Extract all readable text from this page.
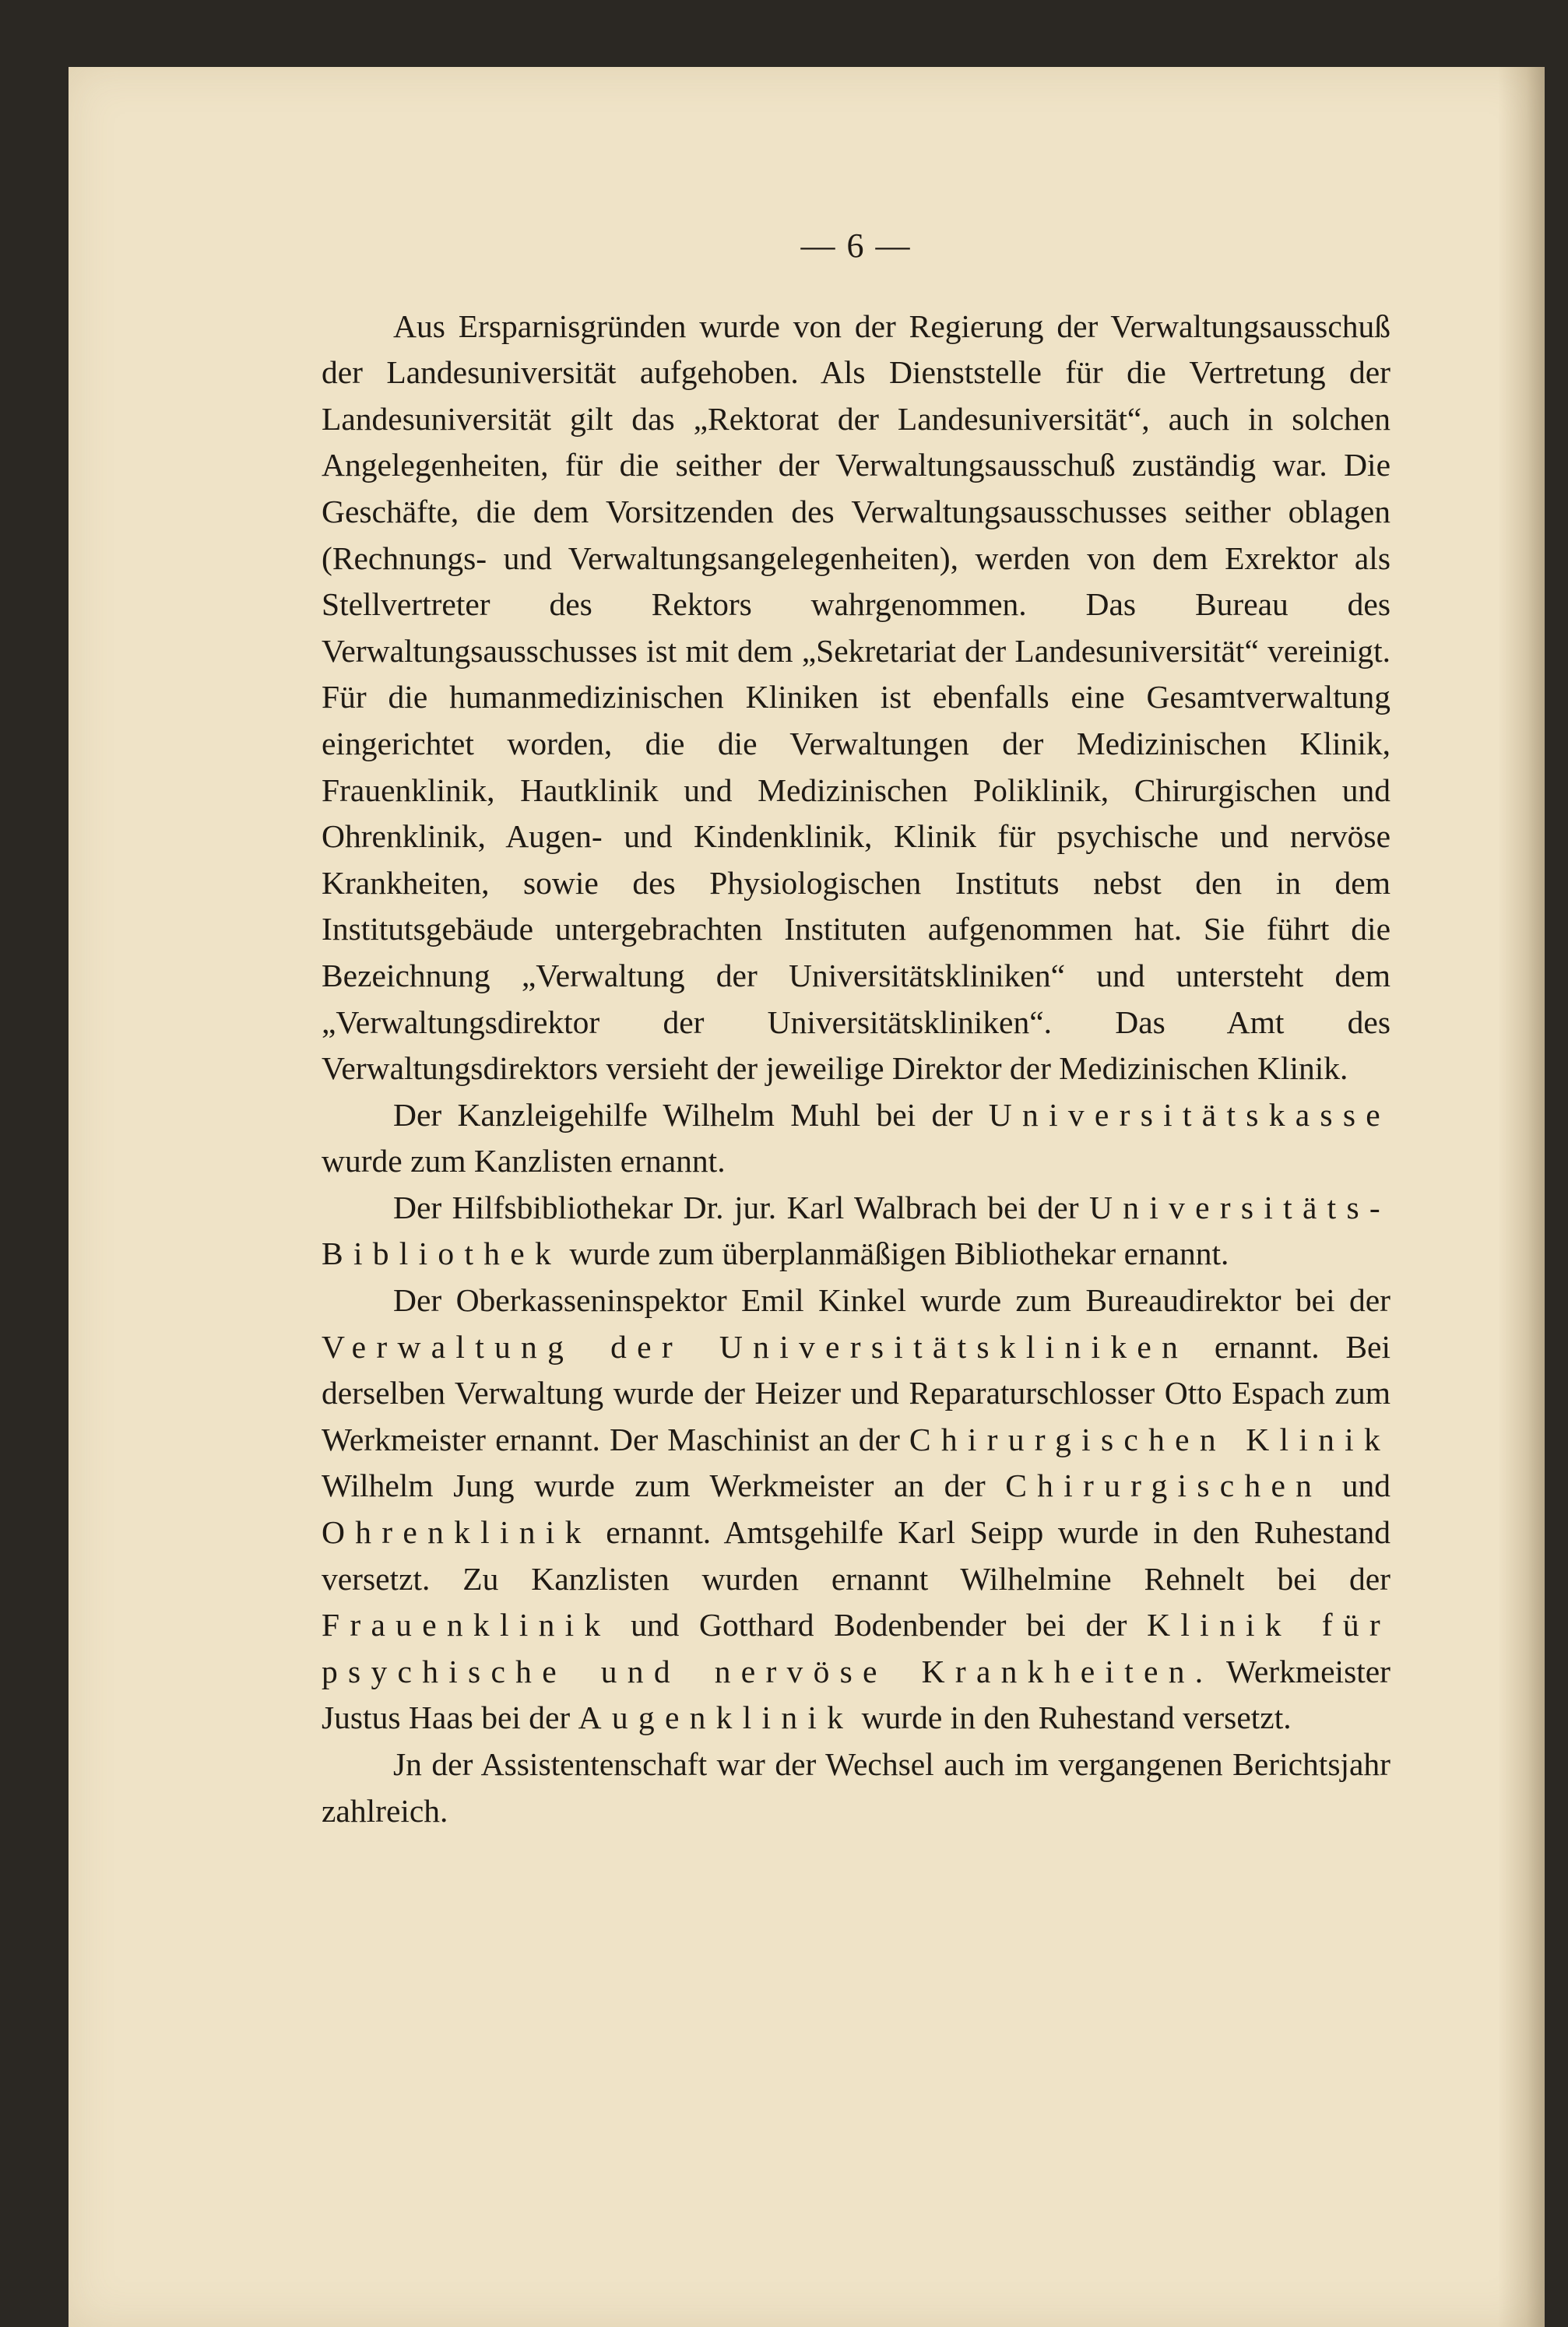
— 6 —

Aus Ersparnisgründen wurde von der Regierung der Verwaltungsausschuß der Landesuniversität aufgehoben. Als Dienststelle für die Vertretung der Landesuniversität gilt das „Rektorat der Landesuniversität“, auch in solchen Angelegenheiten, für die seither der Verwaltungsausschuß zuständig war. Die Geschäfte, die dem Vorsitzenden des Verwaltungsausschusses seither oblagen (Rechnungs- und Verwaltungsangelegenheiten), werden von dem Exrektor als Stellvertreter des Rektors wahrgenommen. Das Bureau des Verwaltungsausschusses ist mit dem „Sekretariat der Landesuniversität“ vereinigt. Für die humanmedizinischen Kliniken ist ebenfalls eine Gesamtverwaltung eingerichtet worden, die die Verwaltungen der Medizinischen Klinik, Frauenklinik, Hautklinik und Medizinischen Poliklinik, Chirurgischen und Ohrenklinik, Augen- und Kindenklinik, Klinik für psychische und nervöse Krankheiten, sowie des Physiologischen Instituts nebst den in dem Institutsgebäude untergebrachten Instituten aufgenommen hat. Sie führt die Bezeichnung „Verwaltung der Universitätskliniken“ und untersteht dem „Verwaltungsdirektor der Universitätskliniken“. Das Amt des Verwaltungsdirektors versieht der jeweilige Direktor der Medizinischen Klinik.

Der Kanzleigehilfe Wilhelm Muhl bei der Universitätskasse wurde zum Kanzlisten ernannt.

Der Hilfsbibliothekar Dr. jur. Karl Walbrach bei der Universitäts-Bibliothek wurde zum überplanmäßigen Bibliothekar ernannt.

Der Oberkasseninspektor Emil Kinkel wurde zum Bureaudirektor bei der Verwaltung der Universitätskliniken ernannt. Bei derselben Verwaltung wurde der Heizer und Reparaturschlosser Otto Espach zum Werkmeister ernannt. Der Maschinist an der Chirurgischen Klinik Wilhelm Jung wurde zum Werkmeister an der Chirurgischen und Ohrenklinik ernannt. Amtsgehilfe Karl Seipp wurde in den Ruhestand versetzt. Zu Kanzlisten wurden ernannt Wilhelmine Rehnelt bei der Frauenklinik und Gotthard Bodenbender bei der Klinik für psychische und nervöse Krankheiten. Werkmeister Justus Haas bei der Augenklinik wurde in den Ruhestand versetzt.

Jn der Assistentenschaft war der Wechsel auch im vergangenen Berichtsjahr zahlreich.
